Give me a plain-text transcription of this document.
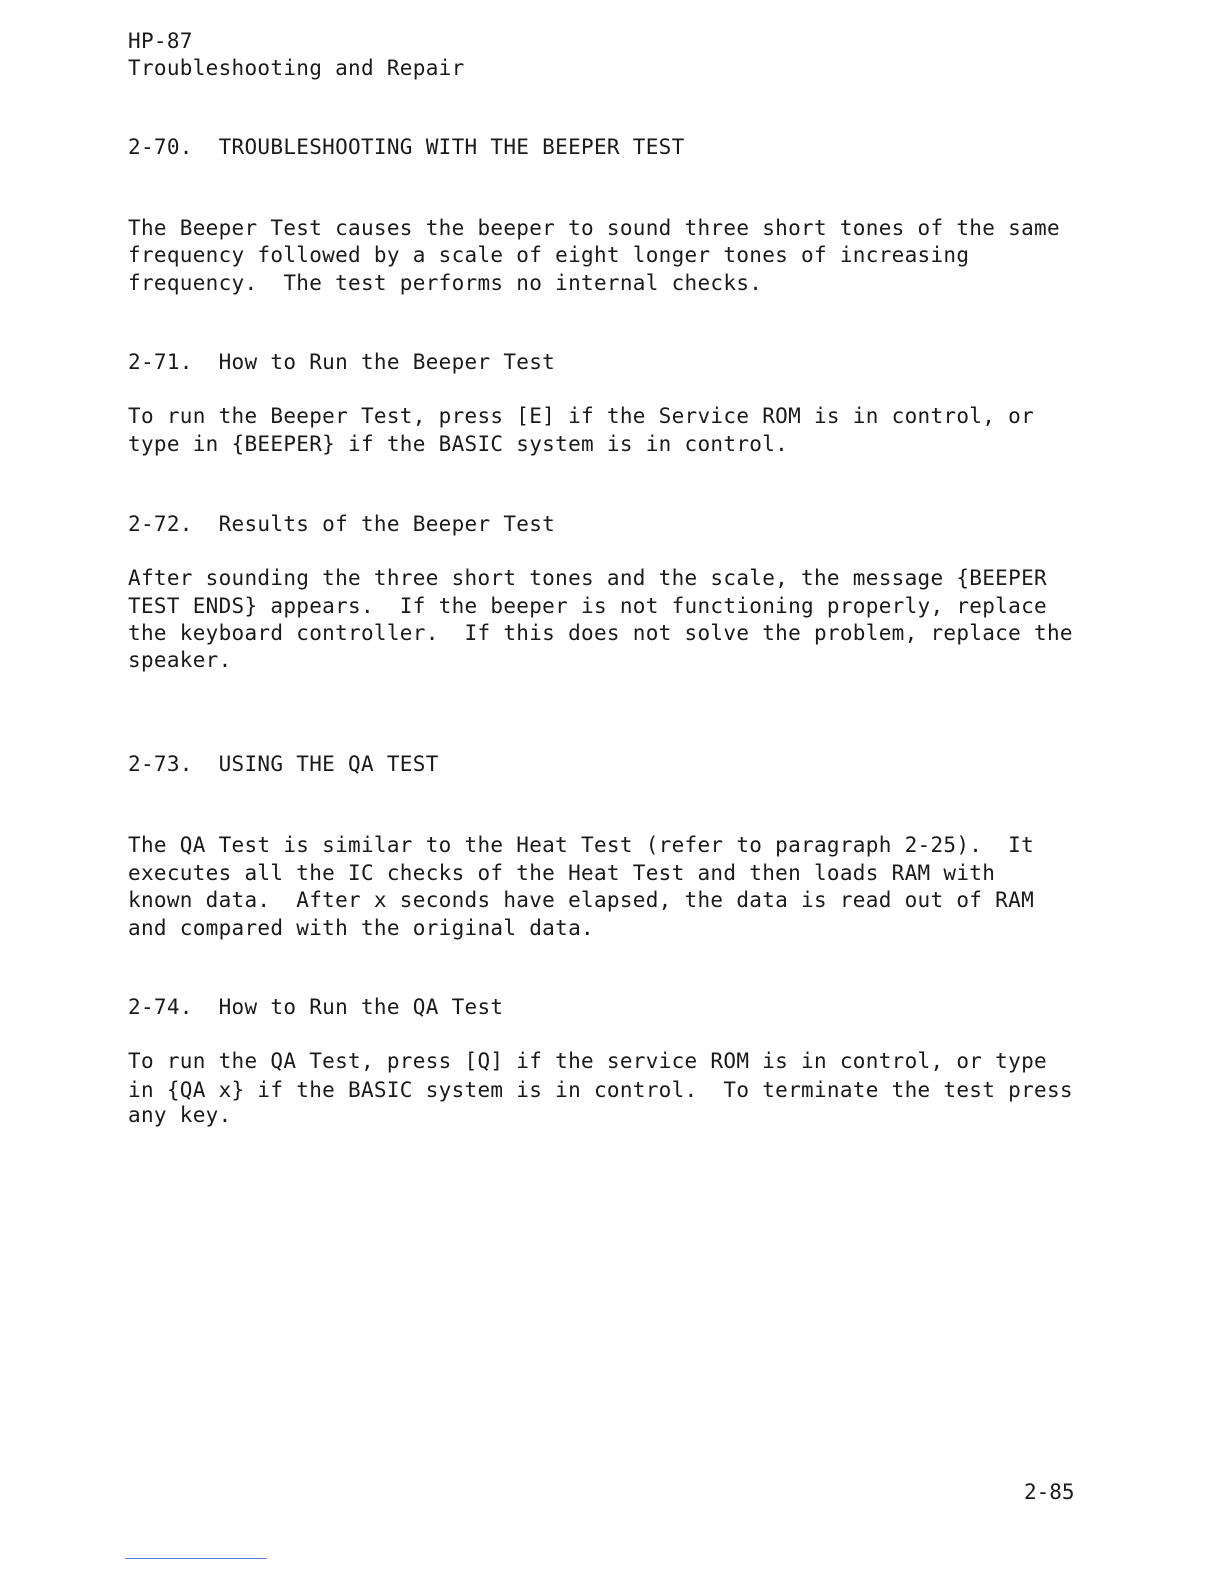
HP-87
Troubleshooting and Repair
2-70.  TROUBLESHOOTING WITH THE BEEPER TEST
The Beeper Test causes the beeper to sound three short tones of the same
frequency followed by a scale of eight longer tones of increasing
frequency.  The test performs no internal checks.
2-71.  How to Run the Beeper Test
To run the Beeper Test, press [E] if the Service ROM is in control, or
type in {BEEPER} if the BASIC system is in control.
2-72.  Results of the Beeper Test
After sounding the three short tones and the scale, the message {BEEPER
TEST ENDS} appears.  If the beeper is not functioning properly, replace
the keyboard controller.  If this does not solve the problem, replace the
speaker.
2-73.  USING THE QA TEST
The QA Test is similar to the Heat Test (refer to paragraph 2-25).  It
executes all the IC checks of the Heat Test and then loads RAM with
known data.  After x seconds have elapsed, the data is read out of RAM
and compared with the original data.
2-74.  How to Run the QA Test
To run the QA Test, press [Q] if the service ROM is in control, or type
in {QA x} if the BASIC system is in control.  To terminate the test press
any key.
2-85
